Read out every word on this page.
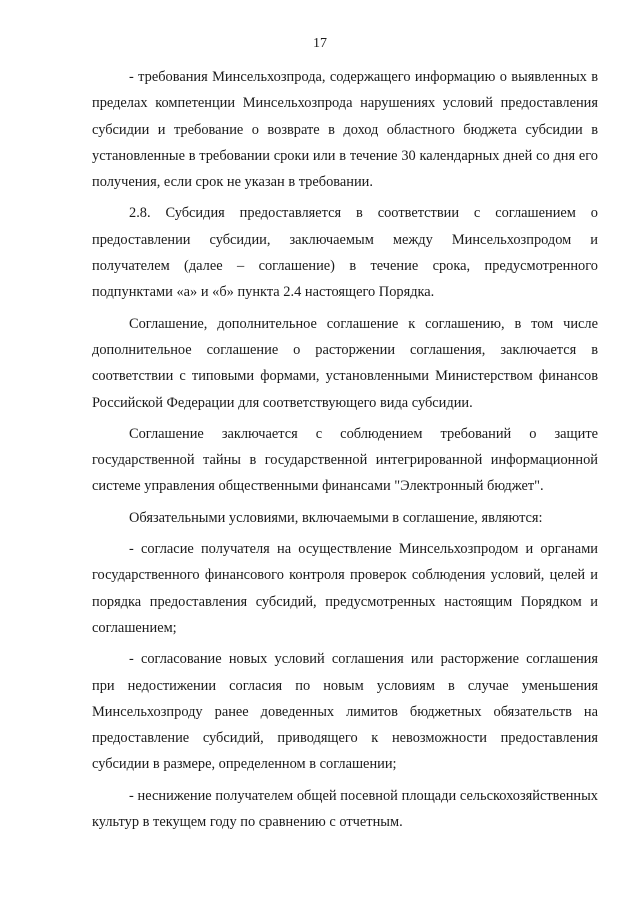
17

- требования Минсельхозпрода, содержащего информацию о выявленных в пределах компетенции Минсельхозпрода нарушениях условий предоставления субсидии и требование о возврате в доход областного бюджета субсидии в установленные в требовании сроки или в течение 30 календарных дней со дня его получения, если срок не указан в требовании.

2.8. Субсидия предоставляется в соответствии с соглашением о предоставлении субсидии, заключаемым между Минсельхозпродом и получателем (далее – соглашение) в течение срока, предусмотренного подпунктами «а» и «б» пункта 2.4 настоящего Порядка.

Соглашение, дополнительное соглашение к соглашению, в том числе дополнительное соглашение о расторжении соглашения, заключается в соответствии с типовыми формами, установленными Министерством финансов Российской Федерации для соответствующего вида субсидии.

Соглашение заключается с соблюдением требований о защите государственной тайны в государственной интегрированной информационной системе управления общественными финансами "Электронный бюджет".

Обязательными условиями, включаемыми в соглашение, являются:

- согласие получателя на осуществление Минсельхозпродом и органами государственного финансового контроля проверок соблюдения условий, целей и порядка предоставления субсидий, предусмотренных настоящим Порядком и соглашением;

- согласование новых условий соглашения или расторжение соглашения при недостижении согласия по новым условиям в случае уменьшения Минсельхозпроду ранее доведенных лимитов бюджетных обязательств на предоставление субсидий, приводящего к невозможности предоставления субсидии в размере, определенном в соглашении;

- неснижение получателем общей посевной площади сельскохозяйственных культур в текущем году по сравнению с отчетным.
